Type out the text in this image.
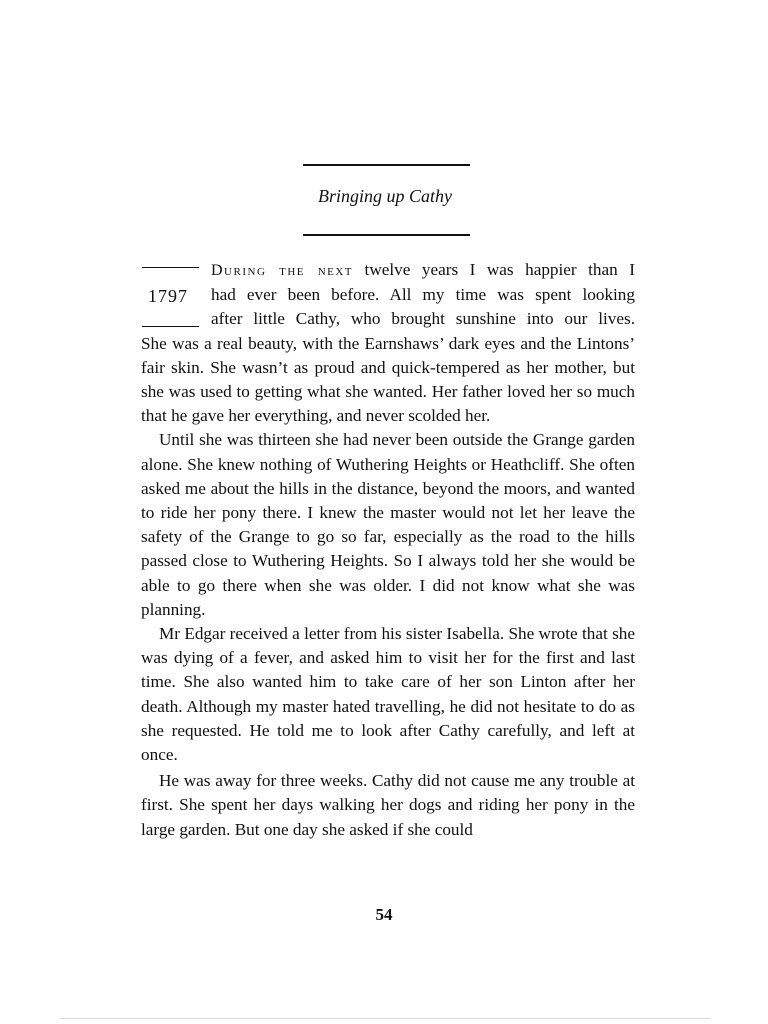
Bringing up Cathy
1797
During the next twelve years I was happier than I
had ever been before. All my time was spent looking
after little Cathy, who brought sunshine into our lives.

She was a real beauty, with the Earnshaws’ dark eyes and the Lintons’ fair skin. She wasn’t as proud and quick-tempered as her mother, but she was used to getting what she wanted. Her father loved her so much that he gave her everything, and never scolded her.

Until she was thirteen she had never been outside the Grange garden alone. She knew nothing of Wuthering Heights or Heathcliff. She often asked me about the hills in the distance, beyond the moors, and wanted to ride her pony there. I knew the master would not let her leave the safety of the Grange to go so far, especially as the road to the hills passed close to Wuthering Heights. So I always told her she would be able to go there when she was older. I did not know what she was planning.

Mr Edgar received a letter from his sister Isabella. She wrote that she was dying of a fever, and asked him to visit her for the first and last time. She also wanted him to take care of her son Linton after her death. Although my master hated travelling, he did not hesitate to do as she requested. He told me to look after Cathy carefully, and left at once.

He was away for three weeks. Cathy did not cause me any trouble at first. She spent her days walking her dogs and riding her pony in the large garden. But one day she asked if she could

54
